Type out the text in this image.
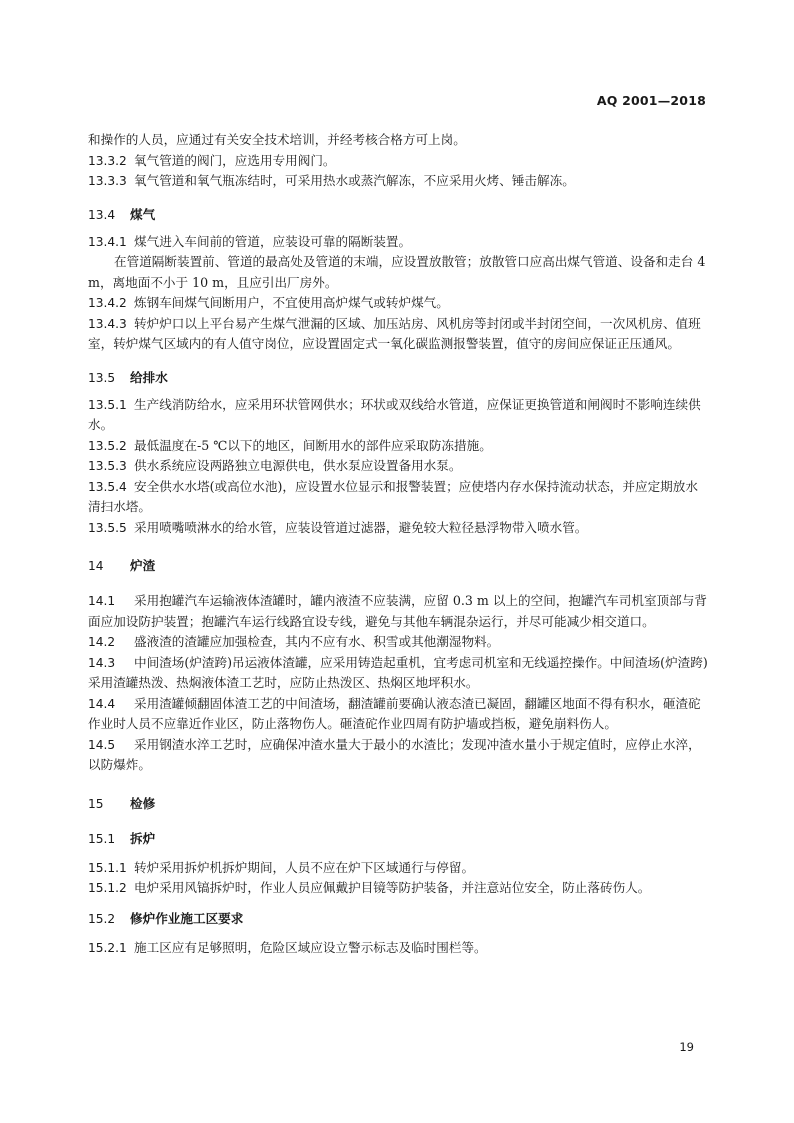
AQ 2001—2018
和操作的人员，应通过有关安全技术培训，并经考核合格方可上岗。
13.3.2 氧气管道的阀门，应选用专用阀门。
13.3.3 氧气管道和氧气瓶冻结时，可采用热水或蒸汽解冻，不应采用火烤、锤击解冻。
13.4 煤气
13.4.1 煤气进入车间前的管道，应装设可靠的隔断装置。
在管道隔断装置前、管道的最高处及管道的末端，应设置放散管；放散管口应高出煤气管道、设备和走台 4 m，离地面不小于 10 m，且应引出厂房外。
13.4.2 炼钢车间煤气间断用户，不宜使用高炉煤气或转炉煤气。
13.4.3 转炉炉口以上平台易产生煤气泄漏的区域、加压站房、风机房等封闭或半封闭空间，一次风机房、值班室，转炉煤气区域内的有人值守岗位，应设置固定式一氧化碳监测报警装置，值守的房间应保证正压通风。
13.5 给排水
13.5.1 生产线消防给水，应采用环状管网供水；环状或双线给水管道，应保证更换管道和闸阀时不影响连续供水。
13.5.2 最低温度在-5 ℃以下的地区，间断用水的部件应采取防冻措施。
13.5.3 供水系统应设两路独立电源供电，供水泵应设置备用水泵。
13.5.4 安全供水水塔(或高位水池)，应设置水位显示和报警装置；应使塔内存水保持流动状态，并应定期放水清扫水塔。
13.5.5 采用喷嘴喷淋水的给水管，应装设管道过滤器，避免较大粒径悬浮物带入喷水管。
14 炉渣
14.1 采用抱罐汽车运输液体渣罐时，罐内液渣不应装满，应留 0.3 m 以上的空间，抱罐汽车司机室顶部与背面应加设防护装置；抱罐汽车运行线路宜设专线，避免与其他车辆混杂运行，并尽可能减少相交道口。
14.2 盛液渣的渣罐应加强检查，其内不应有水、积雪或其他潮湿物料。
14.3 中间渣场(炉渣跨)吊运液体渣罐，应采用铸造起重机，宜考虑司机室和无线遥控操作。中间渣场(炉渣跨)采用渣罐热泼、热焖液体渣工艺时，应防止热泼区、热焖区地坪积水。
14.4 采用渣罐倾翻固体渣工艺的中间渣场，翻渣罐前要确认液态渣已凝固，翻罐区地面不得有积水，砸渣砣作业时人员不应靠近作业区，防止落物伤人。砸渣砣作业四周有防护墙或挡板，避免崩料伤人。
14.5 采用钢渣水淬工艺时，应确保冲渣水量大于最小的水渣比；发现冲渣水量小于规定值时，应停止水淬，以防爆炸。
15 检修
15.1 拆炉
15.1.1 转炉采用拆炉机拆炉期间，人员不应在炉下区域通行与停留。
15.1.2 电炉采用风镐拆炉时，作业人员应佩戴护目镜等防护装备，并注意站位安全，防止落砖伤人。
15.2 修炉作业施工区要求
15.2.1 施工区应有足够照明，危险区域应设立警示标志及临时围栏等。
19
